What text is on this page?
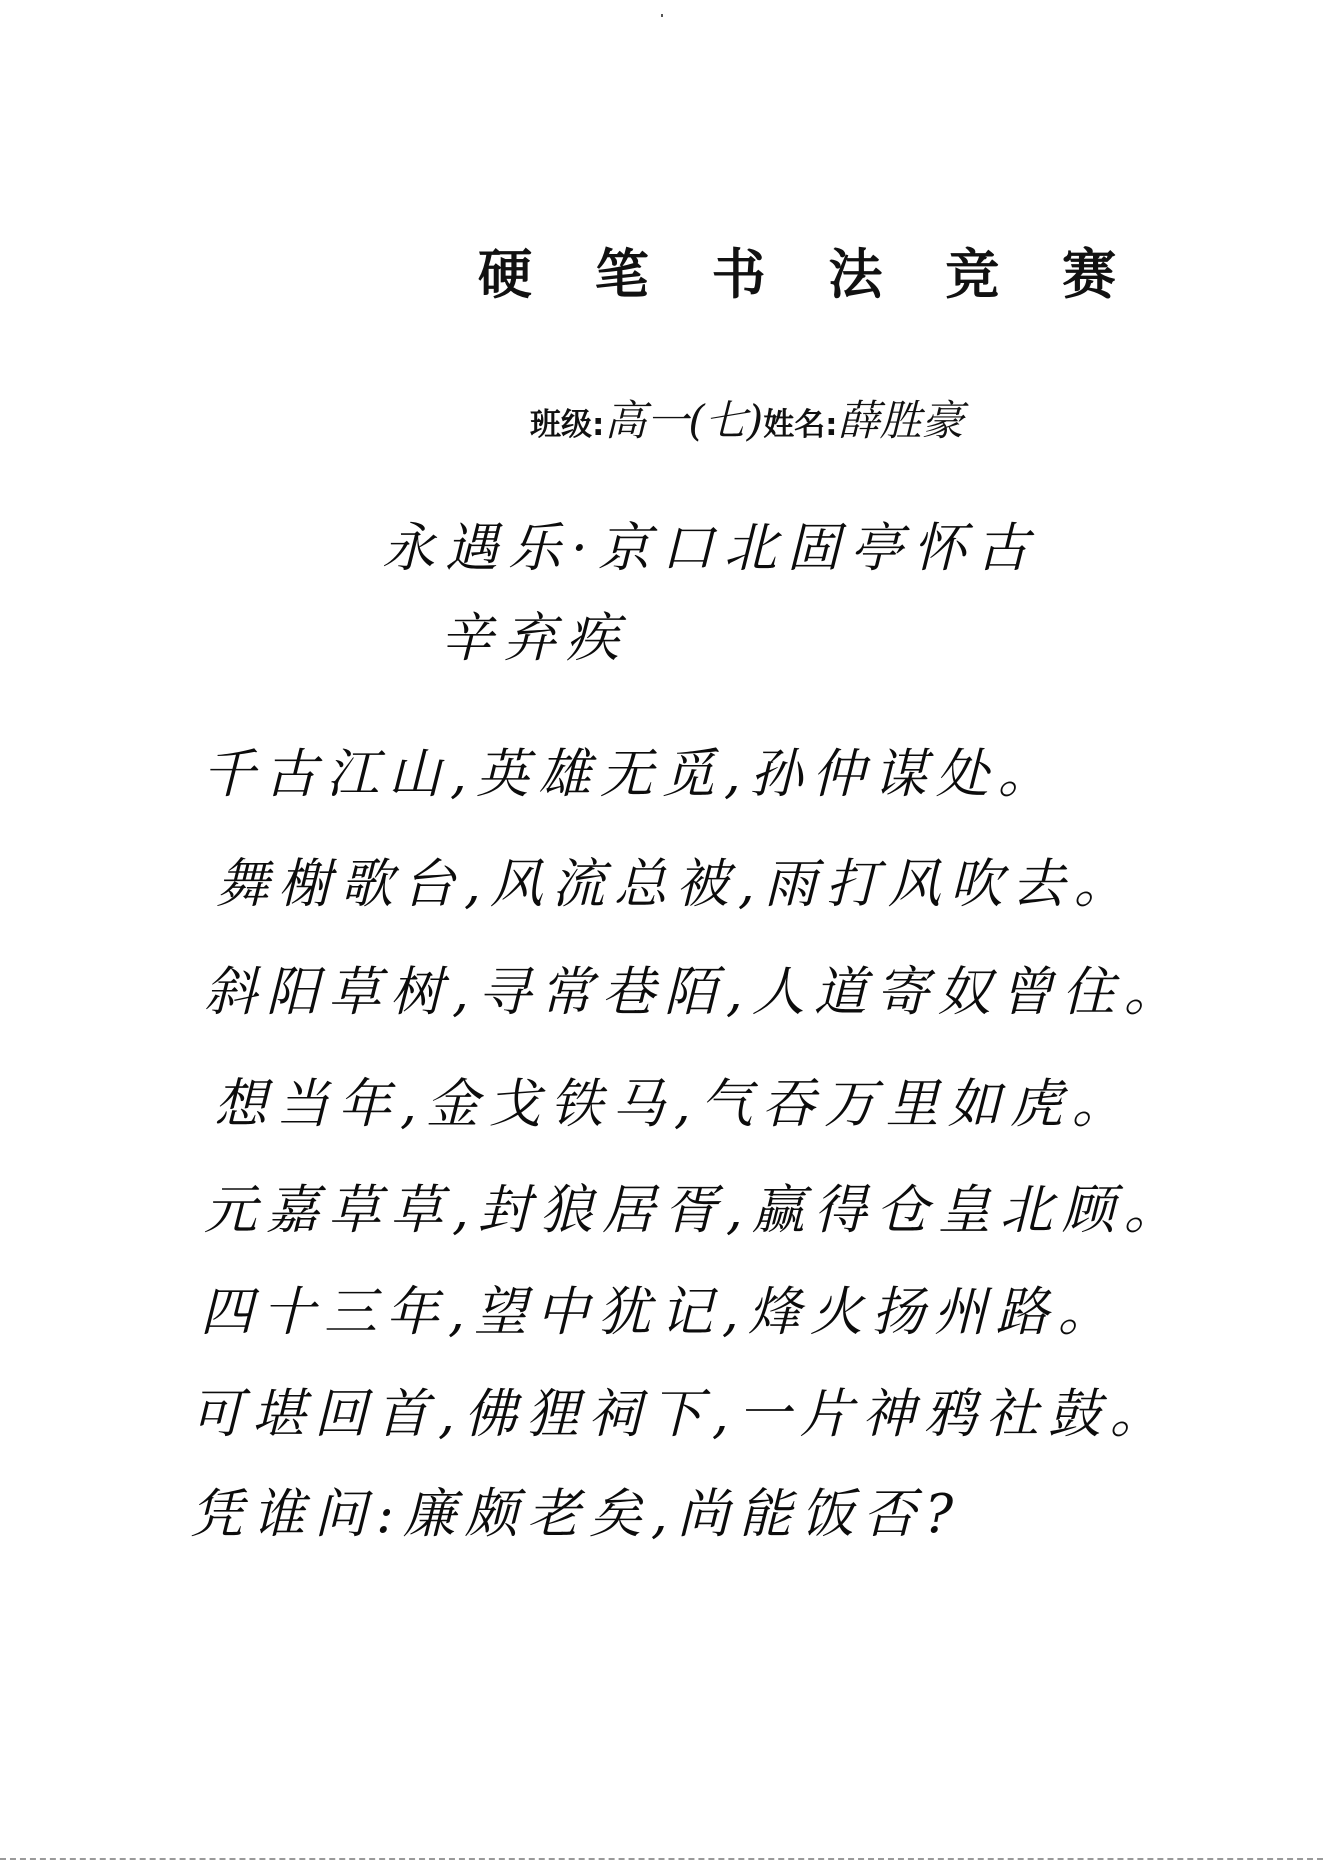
硬 笔 书 法 竞 赛
班级:高一(七)姓名:薛胜豪
永遇乐·京口北固亭怀古
辛弃疾
千古江山,英雄无觅,孙仲谋处。
舞榭歌台,风流总被,雨打风吹去。
斜阳草树,寻常巷陌,人道寄奴曾住。
想当年,金戈铁马,气吞万里如虎。
元嘉草草,封狼居胥,赢得仓皇北顾。
四十三年,望中犹记,烽火扬州路。
可堪回首,佛狸祠下,一片神鸦社鼓。
凭谁问:廉颇老矣,尚能饭否?
